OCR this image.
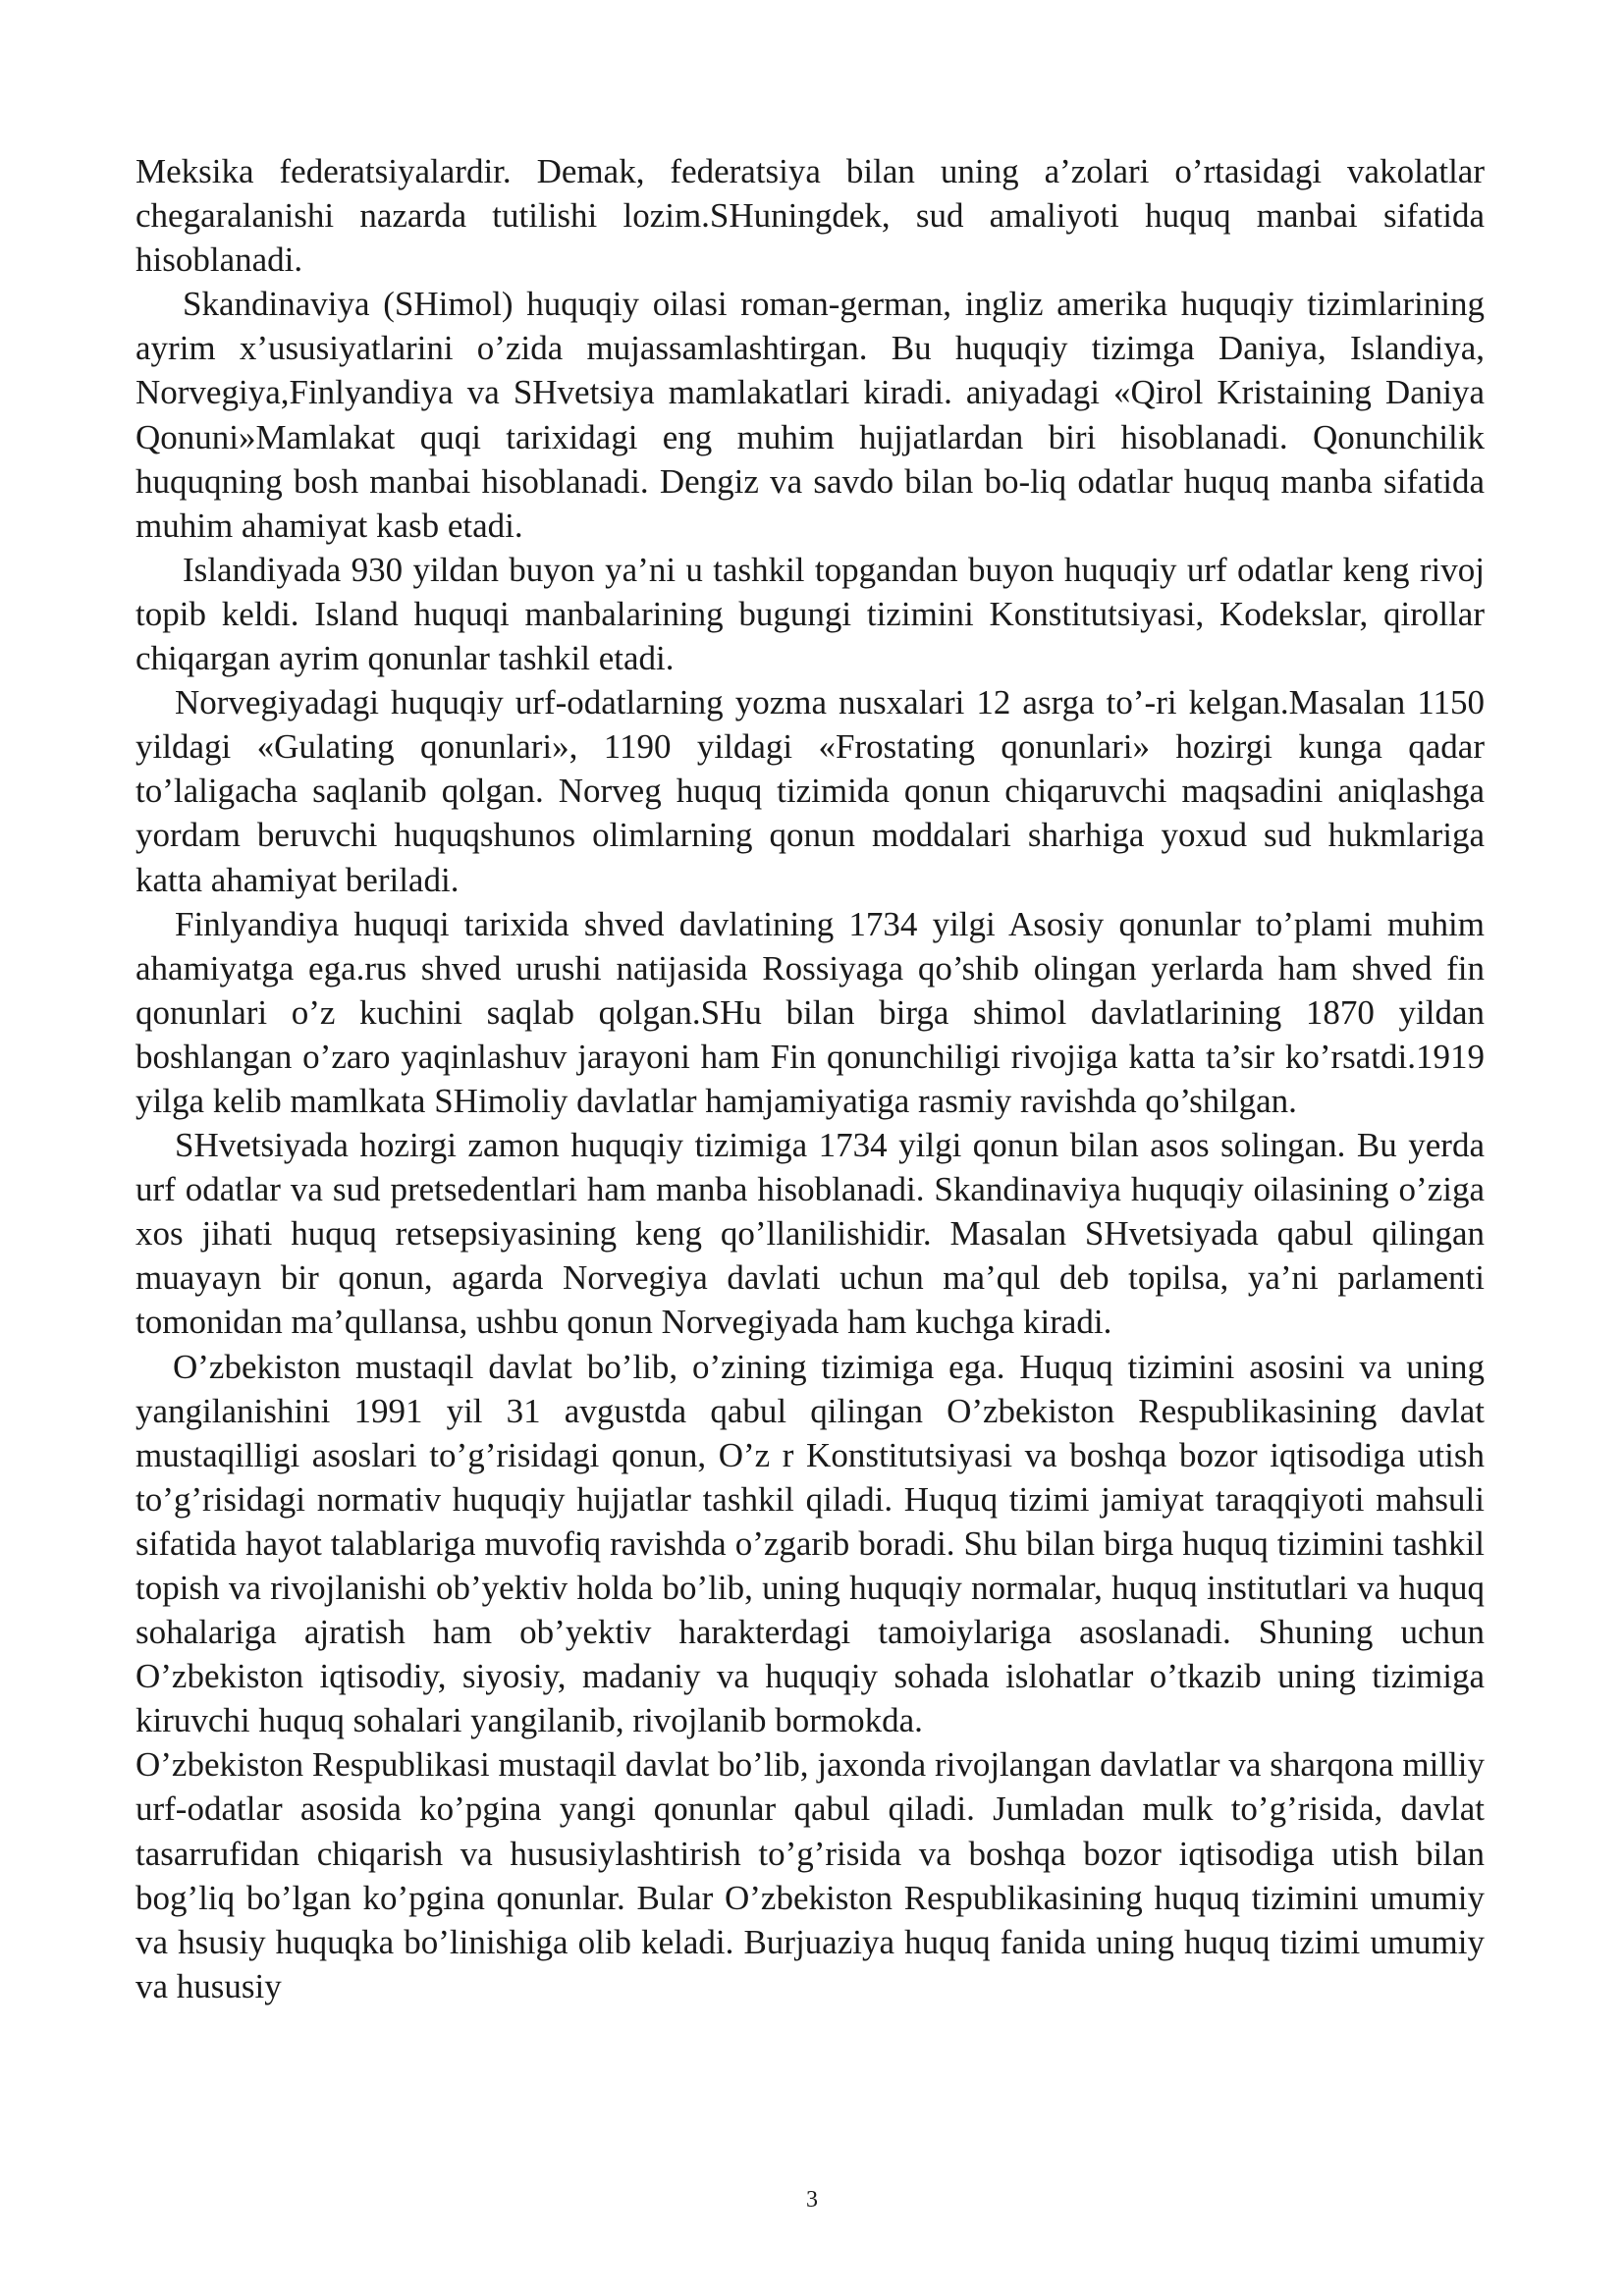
Meksika federatsiyalardir. Demak, federatsiya bilan uning a’zolari o’rtasidagi vakolatlar chegaralanishi nazarda tutilishi lozim.SHuningdek, sud amaliyoti huquq manbai sifatida hisoblanadi.

Skandinaviya (SHimol) huquqiy oilasi roman-german, ingliz amerika huquqiy tizimlarining ayrim x’ususiyatlarini o’zida mujassamlashtirgan. Bu huquqiy tizimga Daniya, Islandiya, Norvegiya,Finlyandiya va SHvetsiya mamlakatlari kiradi. aniyadagi «Qirol Kristaining Daniya Qonuni»Mamlakat quqi tarixidagi eng muhim hujjatlardan biri hisoblanadi. Qonunchilik huquqning bosh manbai hisoblanadi. Dengiz va savdo bilan bo-liq odatlar huquq manba sifatida muhim ahamiyat kasb etadi.

Islandiyada 930 yildan buyon ya’ni u tashkil topgandan buyon huquqiy urf odatlar keng rivoj topib keldi. Island huquqi manbalarining bugungi tizimini Konstitutsiyasi, Kodekslar, qirollar chiqargan ayrim qonunlar tashkil etadi.

Norvegiyadagi huquqiy urf-odatlarning yozma nusxalari 12 asrga to’-ri kelgan.Masalan 1150 yildagi «Gulating qonunlari», 1190 yildagi «Frostating qonunlari» hozirgi kunga qadar to’laligacha saqlanib qolgan. Norveg huquq tizimida qonun chiqaruvchi maqsadini aniqlashga yordam beruvchi huquqshunos olimlarning qonun moddalari sharhiga yoxud sud hukmlariga katta ahamiyat beriladi.

Finlyandiya huquqi tarixida shved davlatining 1734 yilgi Asosiy qonunlar to’plami muhim ahamiyatga ega.rus shved urushi natijasida Rossiyaga qo’shib olingan yerlarda ham shved fin qonunlari o’z kuchini saqlab qolgan.SHu bilan birga shimol davlatlarining 1870 yildan boshlangan o’zaro yaqinlashuv jarayoni ham Fin qonunchiligi rivojiga katta ta’sir ko’rsatdi.1919 yilga kelib mamlkata SHimoliy davlatlar hamjamiyatiga rasmiy ravishda qo’shilgan.

SHvetsiyada hozirgi zamon huquqiy tizimiga 1734 yilgi qonun bilan asos solingan. Bu yerda urf odatlar va sud pretsedentlari ham manba hisoblanadi. Skandinaviya huquqiy oilasining o’ziga xos jihati huquq retsepsiyasining keng qo’llanilishidir. Masalan SHvetsiyada qabul qilingan muayayn bir qonun, agarda Norvegiya davlati uchun ma’qul deb topilsa, ya’ni parlamenti tomonidan ma’qullansa, ushbu qonun Norvegiyada ham kuchga kiradi.

O’zbekiston mustaqil davlat bo’lib, o’zining tizimiga ega. Huquq tizimini asosini va uning yangilanishini 1991 yil 31 avgustda qabul qilingan O’zbekiston Respublikasining davlat mustaqilligi asoslari to’g’risidagi qonun, O’z r Konstitutsiyasi va boshqa bozor iqtisodiga utish to’g’risidagi normativ huquqiy hujjatlar tashkil qiladi. Huquq tizimi jamiyat taraqqiyoti mahsuli sifatida hayot talablariga muvofiq ravishda o’zgarib boradi. Shu bilan birga huquq tizimini tashkil topish va rivojlanishi ob’yektiv holda bo’lib, uning huquqiy normalar, huquq institutlari va huquq sohalariga ajratish ham ob’yektiv harakterdagi tamoiylariga asoslanadi. Shuning uchun O’zbekiston iqtisodiy, siyosiy, madaniy va huquqiy sohada islohatlar o’tkazib uning tizimiga kiruvchi huquq sohalari yangilanib, rivojlanib bormokda.

O’zbekiston Respublikasi mustaqil davlat bo’lib, jaxonda rivojlangan davlatlar va sharqona milliy urf-odatlar asosida ko’pgina yangi qonunlar qabul qiladi. Jumladan mulk to’g’risida, davlat tasarrufidan chiqarish va hususiylashtirish to’g’risida va boshqa bozor iqtisodiga utish bilan bog’liq bo’lgan ko’pgina qonunlar. Bular O’zbekiston Respublikasining huquq tizimini umumiy va hsusiy huquqka bo’linishiga olib keladi. Burjuaziya huquq fanida uning huquq tizimi umumiy va hususiy

3
